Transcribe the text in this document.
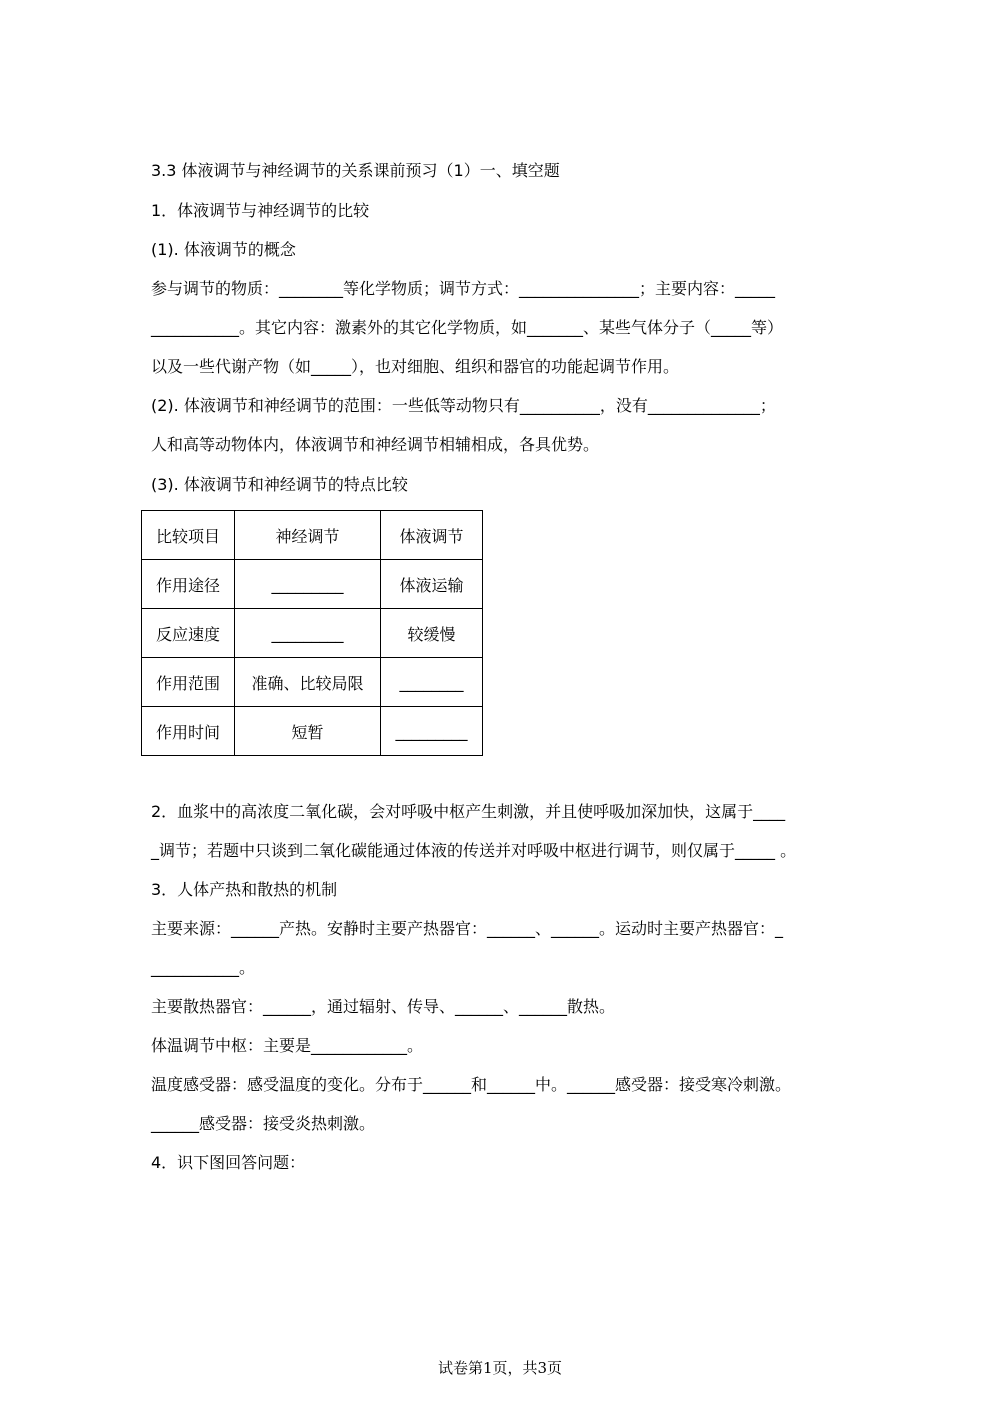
3.3 体液调节与神经调节的关系课前预习（1）一、填空题
1．体液调节与神经调节的比较
(1). 体液调节的概念
参与调节的物质：________等化学物质；调节方式：_______________；主要内容：_____
___________。其它内容：激素外的其它化学物质，如_______、某些气体分子（_____等）
以及一些代谢产物（如_____），也对细胞、组织和器官的功能起调节作用。
(2). 体液调节和神经调节的范围：一些低等动物只有__________，没有______________；
人和高等动物体内，体液调节和神经调节相辅相成，各具优势。
(3). 体液调节和神经调节的特点比较
比较项目	神经调节	体液调节
作用途径	_________	体液运输
反应速度	_________	较缓慢
作用范围	准确、比较局限	________
作用时间	短暂	_________
2．血浆中的高浓度二氧化碳，会对呼吸中枢产生刺激，并且使呼吸加深加快，这属于____
_调节；若题中只谈到二氧化碳能通过体液的传送并对呼吸中枢进行调节，则仅属于_____ 。
3．人体产热和散热的机制
主要来源：______产热。安静时主要产热器官：______、______。运动时主要产热器官：_
___________。
主要散热器官：______，通过辐射、传导、______、______散热。
体温调节中枢：主要是____________。
温度感受器：感受温度的变化。分布于______和______中。______感受器：接受寒冷刺激。
______感受器：接受炎热刺激。
4．识下图回答问题：
试卷第1页，共3页
